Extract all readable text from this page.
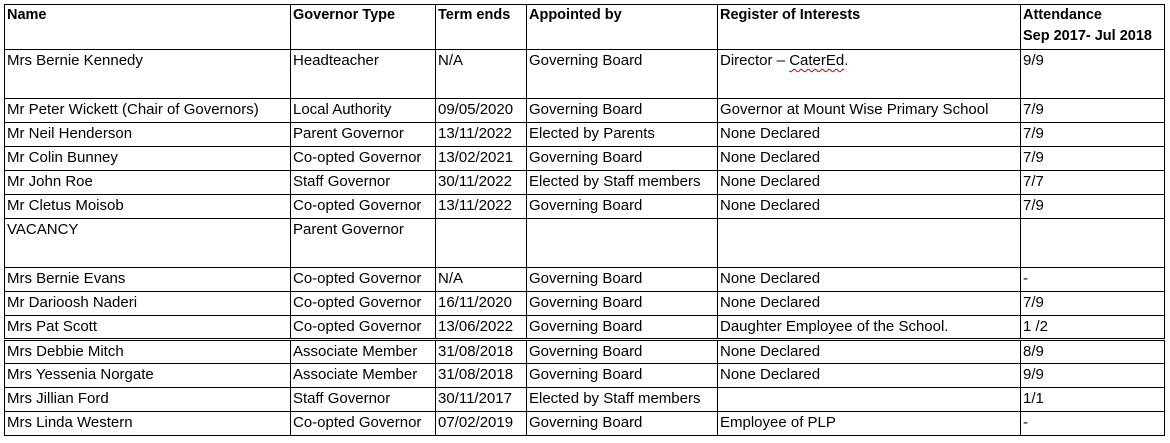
Name	Governor Type	Term ends	Appointed by	Register of Interests	Attendance
Sep 2017- Jul 2018
Mrs Bernie Kennedy	Headteacher	N/A	Governing Board	Director – CaterEd.	9/9
Mr Peter Wickett (Chair of Governors)	Local Authority	09/05/2020	Governing Board	Governor at Mount Wise Primary School	7/9
Mr Neil Henderson	Parent Governor	13/11/2022	Elected by Parents	None Declared	7/9
Mr Colin Bunney	Co-opted Governor	13/02/2021	Governing Board	None Declared	7/9
Mr John Roe	Staff Governor	30/11/2022	Elected by Staff members	None Declared	7/7
Mr Cletus Moisob	Co-opted Governor	13/11/2022	Governing Board	None Declared	7/9
VACANCY	Parent Governor				
Mrs Bernie Evans	Co-opted Governor	N/A	Governing Board	None Declared	-
Mr Darioosh Naderi	Co-opted Governor	16/11/2020	Governing Board	None Declared	7/9
Mrs Pat Scott	Co-opted Governor	13/06/2022	Governing Board	Daughter Employee of the School.	1 /2
Mrs Debbie Mitch	Associate Member	31/08/2018	Governing Board	None Declared	8/9
Mrs Yessenia Norgate	Associate Member	31/08/2018	Governing Board	None Declared	9/9
Mrs Jillian Ford	Staff Governor	30/11/2017	Elected by Staff members		1/1
Mrs Linda Western	Co-opted Governor	07/02/2019	Governing Board	Employee of PLP	-
